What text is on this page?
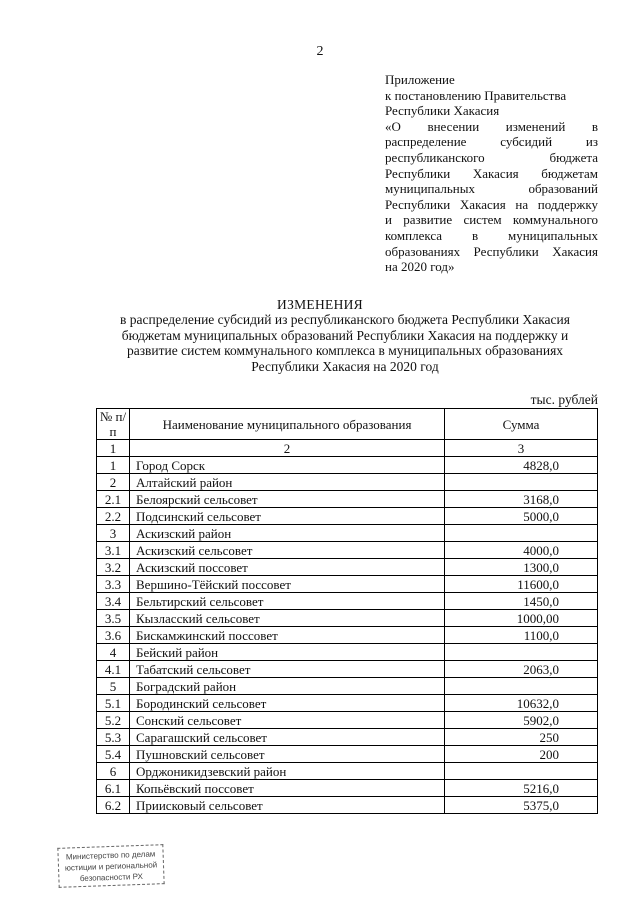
2
Приложение
к постановлению Правительства
Республики Хакасия
«О внесении изменений в
распределение субсидий из
республиканского бюджета
Республики Хакасия бюджетам
муниципальных образований
Республики Хакасия на поддержку
и развитие систем коммунального
комплекса в муниципальных
образованиях Республики Хакасия
на 2020 год»
ИЗМЕНЕНИЯ
в распределение субсидий из республиканского бюджета Республики Хакасия
бюджетам муниципальных образований Республики Хакасия на поддержку и
развитие систем коммунального комплекса в муниципальных образованиях
Республики Хакасия на 2020 год
тыс. рублей
№ п/п	Наименование муниципального образования	Сумма
1	2	3
1	Город Сорск	4828,0
2	Алтайский район	
2.1	Белоярский сельсовет	3168,0
2.2	Подсинский сельсовет	5000,0
3	Аскизский район	
3.1	Аскизский сельсовет	4000,0
3.2	Аскизский поссовет	1300,0
3.3	Вершино-Тёйский поссовет	11600,0
3.4	Бельтирский сельсовет	1450,0
3.5	Кызласский сельсовет	1000,00
3.6	Бискамжинский поссовет	1100,0
4	Бейский район	
4.1	Табатский сельсовет	2063,0
5	Боградский район	
5.1	Бородинский сельсовет	10632,0
5.2	Сонский сельсовет	5902,0
5.3	Сарагашский сельсовет	250
5.4	Пушновский сельсовет	200
6	Орджоникидзевский район	
6.1	Копьёвский поссовет	5216,0
6.2	Приисковый сельсовет	5375,0
Министерство по делам
юстиции и региональной
безопасности РХ
